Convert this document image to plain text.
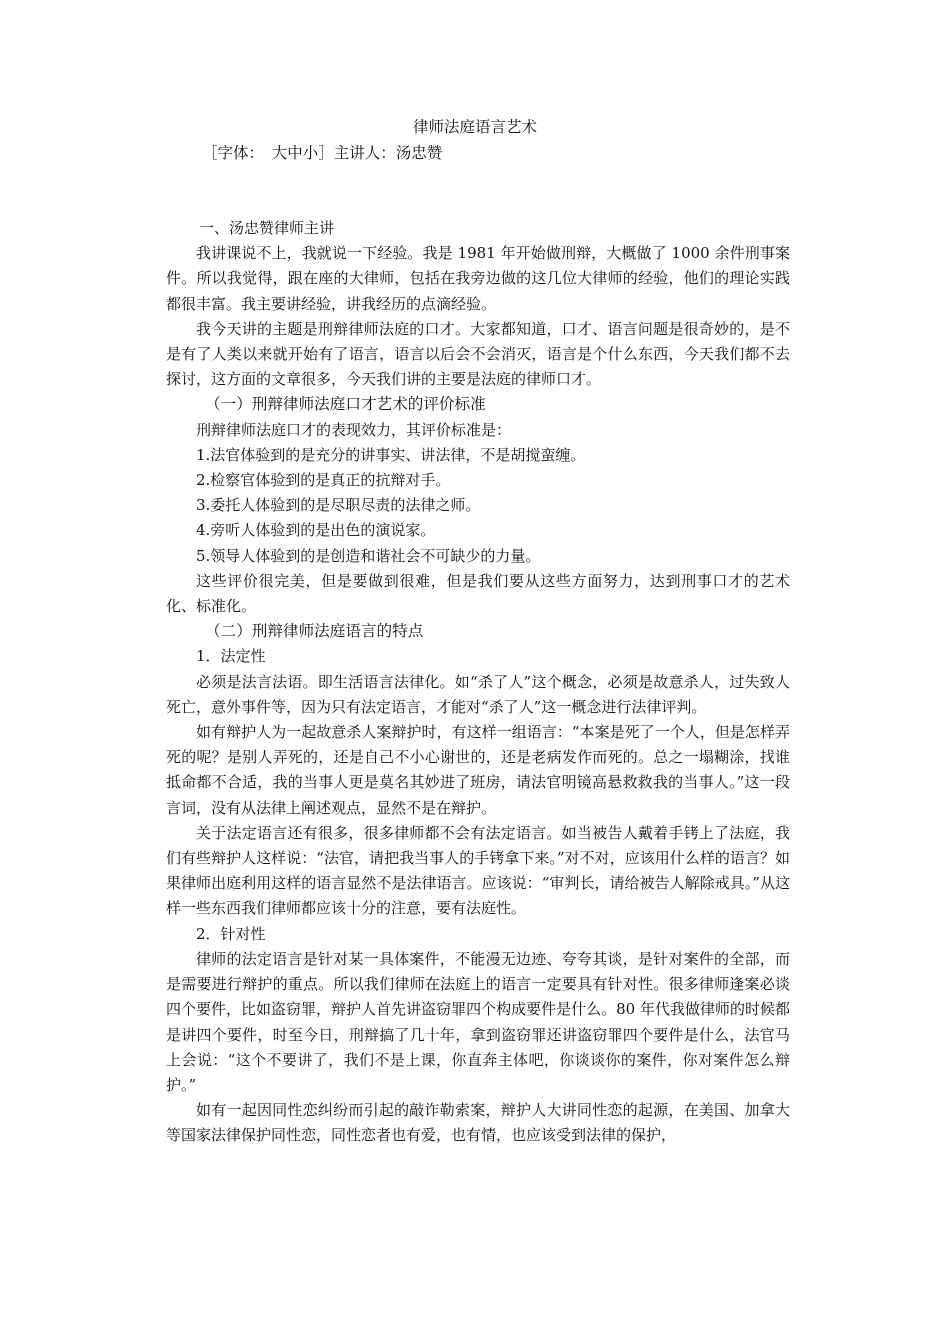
律师法庭语言艺术
［字体：　大中小］主讲人：汤忠赞

一、汤忠赞律师主讲

我讲课说不上，我就说一下经验。我是 1981 年开始做刑辩，大概做了 1000 余件刑事案件。所以我觉得，跟在座的大律师，包括在我旁边做的这几位大律师的经验，他们的理论实践都很丰富。我主要讲经验，讲我经历的点滴经验。

我今天讲的主题是刑辩律师法庭的口才。大家都知道，口才、语言问题是很奇妙的，是不是有了人类以来就开始有了语言，语言以后会不会消灭，语言是个什么东西，今天我们都不去探讨，这方面的文章很多，今天我们讲的主要是法庭的律师口才。

（一）刑辩律师法庭口才艺术的评价标准

刑辩律师法庭口才的表现效力，其评价标准是：

1.法官体验到的是充分的讲事实、讲法律，不是胡搅蛮缠。

2.检察官体验到的是真正的抗辩对手。

3.委托人体验到的是尽职尽责的法律之师。

4.旁听人体验到的是出色的演说家。

5.领导人体验到的是创造和谐社会不可缺少的力量。

这些评价很完美，但是要做到很难，但是我们要从这些方面努力，达到刑事口才的艺术化、标准化。

（二）刑辩律师法庭语言的特点

1．法定性

必须是法言法语。即生活语言法律化。如“杀了人”这个概念，必须是故意杀人，过失致人死亡，意外事件等，因为只有法定语言，才能对“杀了人”这一概念进行法律评判。

如有辩护人为一起故意杀人案辩护时，有这样一组语言：“本案是死了一个人，但是怎样弄死的呢？是别人弄死的，还是自己不小心谢世的，还是老病发作而死的。总之一塌糊涂，找谁抵命都不合适，我的当事人更是莫名其妙进了班房，请法官明镜高悬救救我的当事人。”这一段言词，没有从法律上阐述观点，显然不是在辩护。

关于法定语言还有很多，很多律师都不会有法定语言。如当被告人戴着手铐上了法庭，我们有些辩护人这样说：“法官，请把我当事人的手铐拿下来。”对不对，应该用什么样的语言？如果律师出庭利用这样的语言显然不是法律语言。应该说：“审判长，请给被告人解除戒具。”从这样一些东西我们律师都应该十分的注意，要有法庭性。

2．针对性

律师的法定语言是针对某一具体案件，不能漫无边迹、夸夸其谈，是针对案件的全部，而是需要进行辩护的重点。所以我们律师在法庭上的语言一定要具有针对性。很多律师逢案必谈四个要件，比如盗窃罪，辩护人首先讲盗窃罪四个构成要件是什么。80 年代我做律师的时候都是讲四个要件，时至今日，刑辩搞了几十年，拿到盗窃罪还讲盗窃罪四个要件是什么，法官马上会说：“这个不要讲了，我们不是上课，你直奔主体吧，你谈谈你的案件，你对案件怎么辩护。”

如有一起因同性恋纠纷而引起的敲诈勒索案，辩护人大讲同性恋的起源，在美国、加拿大等国家法律保护同性恋，同性恋者也有爱，也有情，也应该受到法律的保护，
